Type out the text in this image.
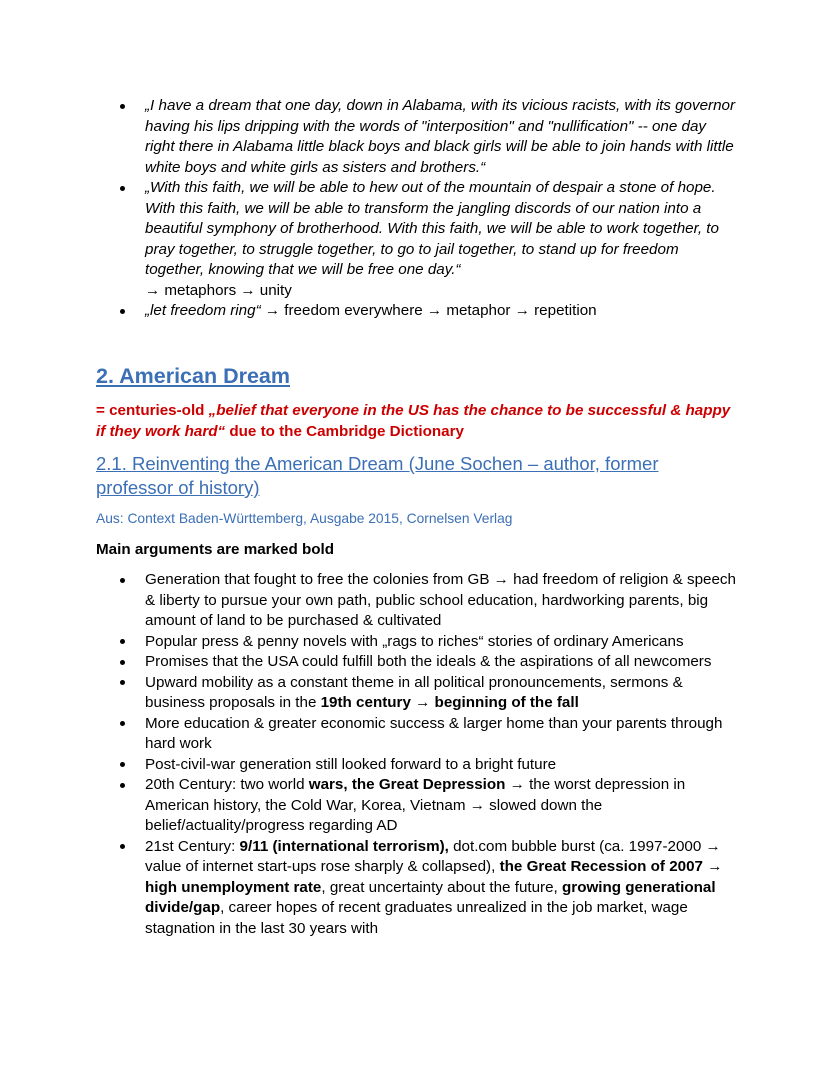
„I have a dream that one day, down in Alabama, with its vicious racists, with its governor having his lips dripping with the words of "interposition" and "nullification" -- one day right there in Alabama little black boys and black girls will be able to join hands with little white boys and white girls as sisters and brothers.“
„With this faith, we will be able to hew out of the mountain of despair a stone of hope. With this faith, we will be able to transform the jangling discords of our nation into a beautiful symphony of brotherhood. With this faith, we will be able to work together, to pray together, to struggle together, to go to jail together, to stand up for freedom together, knowing that we will be free one day.“
→ metaphors → unity
„let freedom ring“ → freedom everywhere → metaphor → repetition
2. American Dream

= centuries-old „belief that everyone in the US has the chance to be successful & happy if they work hard“ due to the Cambridge Dictionary

2.1. Reinventing the American Dream (June Sochen – author, former professor of history)

Aus: Context Baden-Württemberg, Ausgabe 2015, Cornelsen Verlag

Main arguments are marked bold

Generation that fought to free the colonies from GB → had freedom of religion & speech & liberty to pursue your own path, public school education, hardworking parents, big amount of land to be purchased & cultivated
Popular press & penny novels with „rags to riches“ stories of ordinary Americans
Promises that the USA could fulfill both the ideals & the aspirations of all newcomers
Upward mobility as a constant theme in all political pronouncements, sermons & business proposals in the 19th century → beginning of the fall
More education & greater economic success & larger home than your parents through hard work
Post-civil-war generation still looked forward to a bright future
20th Century: two world wars, the Great Depression → the worst depression in American history, the Cold War, Korea, Vietnam → slowed down the belief/actuality/progress regarding AD
21st Century: 9/11 (international terrorism), dot.com bubble burst (ca. 1997-2000 → value of internet start-ups rose sharply & collapsed), the Great Recession of 2007 → high unemployment rate, great uncertainty about the future, growing generational divide/gap, career hopes of recent graduates unrealized in the job market, wage stagnation in the last 30 years with
